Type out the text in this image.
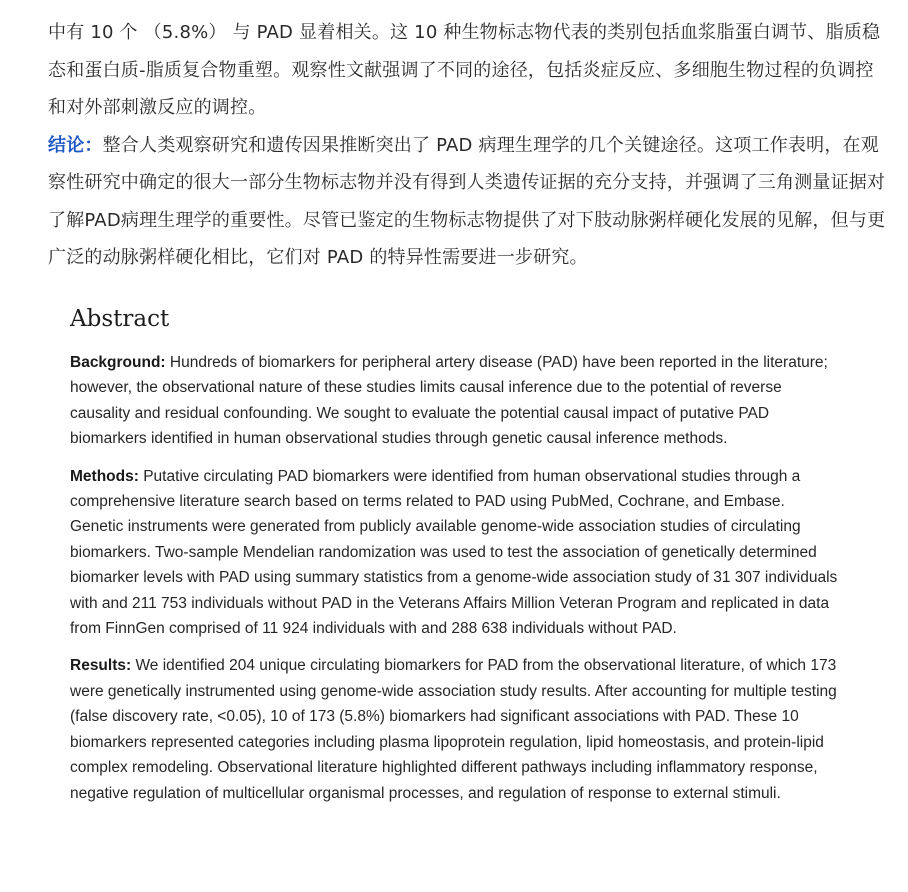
中有 10 个 （5.8%） 与 PAD 显着相关。这 10 种生物标志物代表的类别包括血浆脂蛋白调节、脂质稳态和蛋白质-脂质复合物重塑。观察性文献强调了不同的途径，包括炎症反应、多细胞生物过程的负调控和对外部刺激反应的调控。

结论：整合人类观察研究和遗传因果推断突出了 PAD 病理生理学的几个关键途径。这项工作表明，在观察性研究中确定的很大一部分生物标志物并没有得到人类遗传证据的充分支持，并强调了三角测量证据对了解PAD病理生理学的重要性。尽管已鉴定的生物标志物提供了对下肢动脉粥样硬化发展的见解，但与更广泛的动脉粥样硬化相比，它们对 PAD 的特异性需要进一步研究。

Abstract

Background: Hundreds of biomarkers for peripheral artery disease (PAD) have been reported in the literature; however, the observational nature of these studies limits causal inference due to the potential of reverse causality and residual confounding. We sought to evaluate the potential causal impact of putative PAD biomarkers identified in human observational studies through genetic causal inference methods.

Methods: Putative circulating PAD biomarkers were identified from human observational studies through a comprehensive literature search based on terms related to PAD using PubMed, Cochrane, and Embase. Genetic instruments were generated from publicly available genome-wide association studies of circulating biomarkers. Two-sample Mendelian randomization was used to test the association of genetically determined biomarker levels with PAD using summary statistics from a genome-wide association study of 31 307 individuals with and 211 753 individuals without PAD in the Veterans Affairs Million Veteran Program and replicated in data from FinnGen comprised of 11 924 individuals with and 288 638 individuals without PAD.

Results: We identified 204 unique circulating biomarkers for PAD from the observational literature, of which 173 were genetically instrumented using genome-wide association study results. After accounting for multiple testing (false discovery rate, <0.05), 10 of 173 (5.8%) biomarkers had significant associations with PAD. These 10 biomarkers represented categories including plasma lipoprotein regulation, lipid homeostasis, and protein-lipid complex remodeling. Observational literature highlighted different pathways including inflammatory response, negative regulation of multicellular organismal processes, and regulation of response to external stimuli.
